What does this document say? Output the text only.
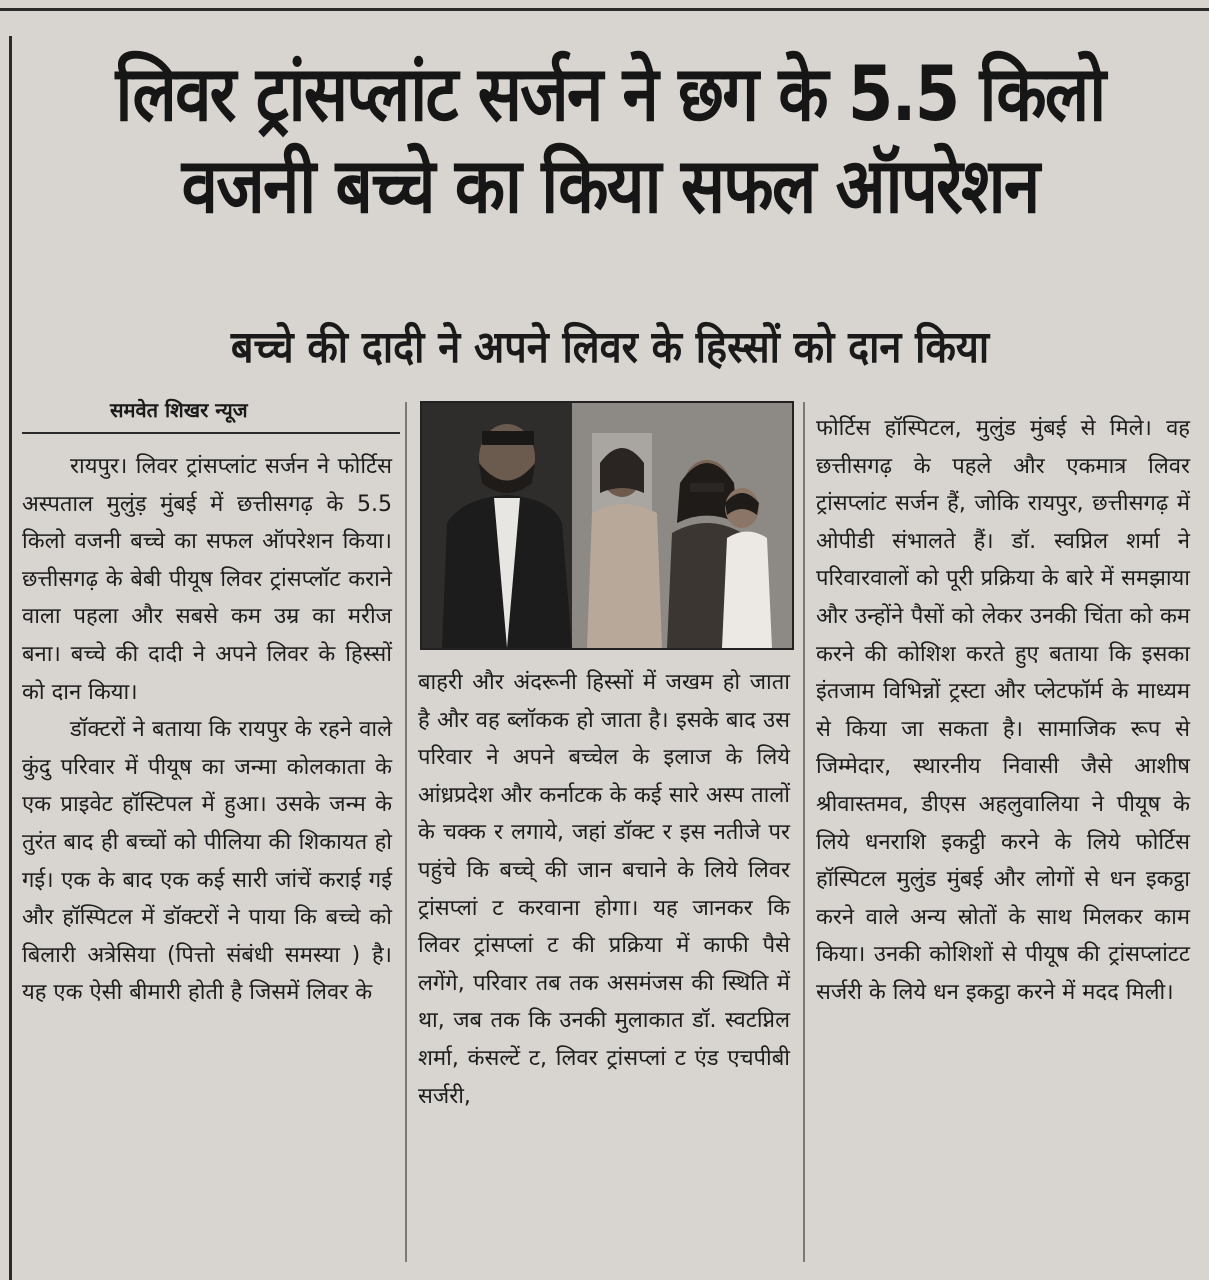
लिवर ट्रांसप्लांट सर्जन ने छग के 5.5 किलो
वजनी बच्चे का किया सफल ऑपरेशन
बच्चे की दादी ने अपने लिवर के हिस्सों को दान किया
समवेत शिखर न्यूज

रायपुर। लिवर ट्रांसप्लांट सर्जन ने फोर्टिस अस्पताल मुलुंड़ मुंबई में छत्तीसगढ़ के 5.5 किलो वजनी बच्चे का सफल ऑपरेशन किया। छत्तीसगढ़ के बेबी पीयूष लिवर ट्रांसप्लॉट कराने वाला पहला और सबसे कम उम्र का मरीज बना। बच्चे की दादी ने अपने लिवर के हिस्सों को दान किया।

डॉक्टरों ने बताया कि रायपुर के रहने वाले कुंदु परिवार में पीयूष का जन्मा कोलकाता के एक प्राइवेट हॉस्टिपल में हुआ। उसके जन्म के तुरंत बाद ही बच्चों को पीलिया की शिकायत हो गई। एक के बाद एक कई सारी जांचें कराई गई और हॉस्पिटल में डॉक्टरों ने पाया कि बच्चे को बिलारी अत्रेसिया (पित्तो संबंधी समस्या ) है। यह एक ऐसी बीमारी होती है जिसमें लिवर के

बाहरी और अंदरूनी हिस्सों में जखम हो जाता है और वह ब्लॉकक हो जाता है। इसके बाद उस परिवार ने अपने बच्चेल के इलाज के लिये आंध्रप्रदेश और कर्नाटक के कई सारे अस्प तालों के चक्क र लगाये, जहां डॉक्ट र इस नतीजे पर पहुंचे कि बच्चे् की जान बचाने के लिये लिवर ट्रांसप्लां ट करवाना होगा। यह जानकर कि लिवर ट्रांसप्लां ट की प्रक्रिया में काफी पैसे लगेंगे, परिवार तब तक असमंजस की स्थिति में था, जब तक कि उनकी मुलाकात डॉ. स्वटप्निल शर्मा, कंसल्टें ट, लिवर ट्रांसप्लां ट एंड एचपीबी सर्जरी,

फोर्टिस हॉस्पिटल, मुलुंड मुंबई से मिले। वह छत्तीसगढ़ के पहले और एकमात्र लिवर ट्रांसप्लांट सर्जन हैं, जोकि रायपुर, छत्तीसगढ़ में ओपीडी संभालते हैं। डॉ. स्वप्निल शर्मा ने परिवारवालों को पूरी प्रक्रिया के बारे में समझाया और उन्होंने पैसों को लेकर उनकी चिंता को कम करने की कोशिश करते हुए बताया कि इसका इंतजाम विभिन्नों ट्रस्टा और प्लेटफॉर्म के माध्यम से किया जा सकता है। सामाजिक रूप से जिम्मेदार, स्थारनीय निवासी जैसे आशीष श्रीवास्तमव, डीएस अहलुवालिया ने पीयूष के लिये धनराशि इकट्ठी करने के लिये फोर्टिस हॉस्पिटल मुलुंड मुंबई और लोगों से धन इकट्ठा करने वाले अन्य स्रोतों के साथ मिलकर काम किया। उनकी कोशिशों से पीयूष की ट्रांसप्लांटट सर्जरी के लिये धन इकट्ठा करने में मदद मिली।
